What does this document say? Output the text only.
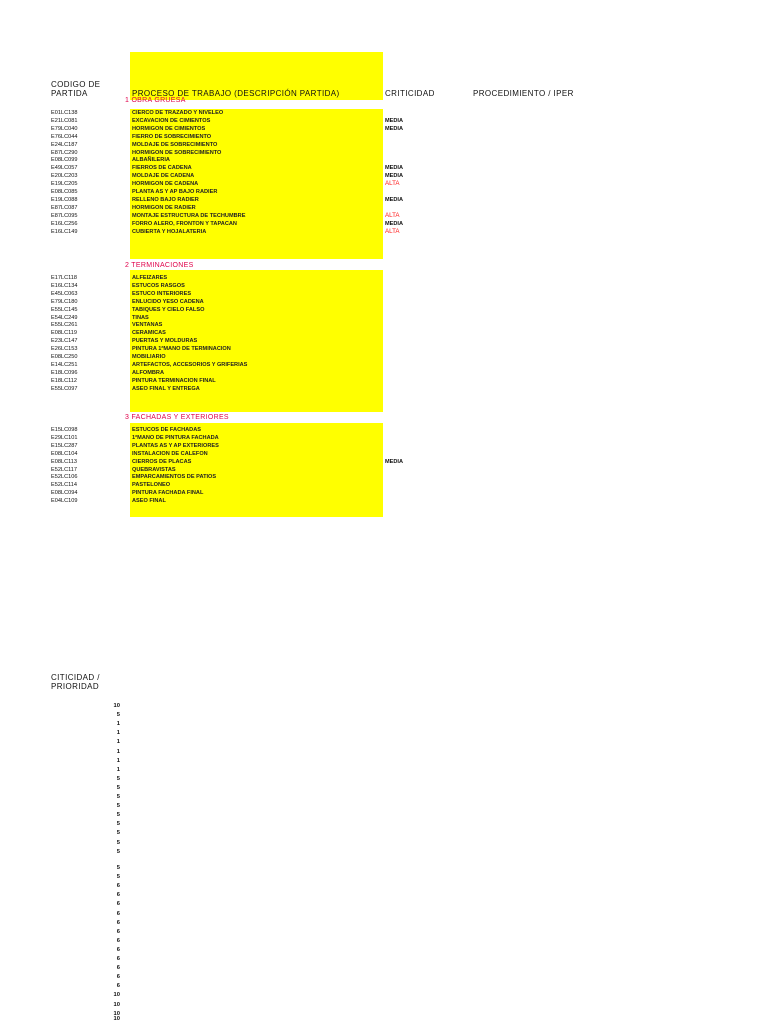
CODIGO DE
PARTIDA	PROCESO DE TRABAJO (DESCRIPCIÓN PARTIDA)	CRITICIDAD	PROCEDIMIENTO / IPER
1 OBRA GRUESA
E01LC138	CIERCO DE TRAZADO Y NIVELEO
E21LC081	EXCAVACION DE CIMIENTOS	MEDIA
E79LC040	HORMIGON DE CIMIENTOS	MEDIA
E76LC044	FIERRO DE SOBRECIMIENTO
E24LC187	MOLDAJE DE SOBRECIMIENTO
E87LC290	HORMIGON DE SOBRECIMIENTO
E08LC099	ALBAÑILERIA
E49LC057	FIERROS DE CADENA	MEDIA
E20LC203	MOLDAJE DE CADENA	MEDIA
E19LC205	HORMIGON DE CADENA	ALTA
E08LC085	PLANTA AS Y AP BAJO RADIER
E19LC088	RELLENO BAJO RADIER	MEDIA
E87LC087	HORMIGON DE RADIER
E87LC095	MONTAJE ESTRUCTURA DE TECHUMBRE	ALTA
E16LC256	FORRO ALERO, FRONTON Y TAPACAN	MEDIA
E16LC149	CUBIERTA Y HOJALATERIA	ALTA
2 TERMINACIONES
E17LC118	ALFEIZARES
E16LC134	ESTUCOS RASGOS
E45LC063	ESTUCO INTERIORES
E79LC180	ENLUCIDO YESO CADENA
E55LC145	TABIQUES Y CIELO FALSO
E54LC249	TINAS
E55LC261	VENTANAS
E08LC119	CERAMICAS
E23LC147	PUERTAS Y MOLDURAS
E26LC153	PINTURA 1ªMANO DE TERMINACION
E08LC250	MOBILIARIO
E14LC251	ARTEFACTOS, ACCESORIOS Y GRIFERIAS
E18LC096	ALFOMBRA
E18LC112	PINTURA TERMINACION FINAL
E55LC097	ASEO FINAL Y ENTREGA
3 FACHADAS Y EXTERIORES
E15LC098	ESTUCOS DE FACHADAS
E29LC101	1ªMANO DE PINTURA FACHADA
E15LC287	PLANTAS AS Y AP EXTERIORES
E08LC104	INSTALACION DE CALEFON
E08LC113	CIERROS DE PLACAS	MEDIA
E52LC117	QUEBRAVISTAS
E52LC106	EMPARCAMIENTOS DE PATIOS
E52LC114	PASTELONEO
E08LC094	PINTURA FACHADA FINAL
E04LC109	ASEO FINAL
CITICIDAD /
PRIORIDAD
10
5
1
1
1
1
1
1
5
5
5
5
5
5
5
5
5
5
5
6
6
6
6
6
6
6
6
6
6
6
6
10
10
10
10
